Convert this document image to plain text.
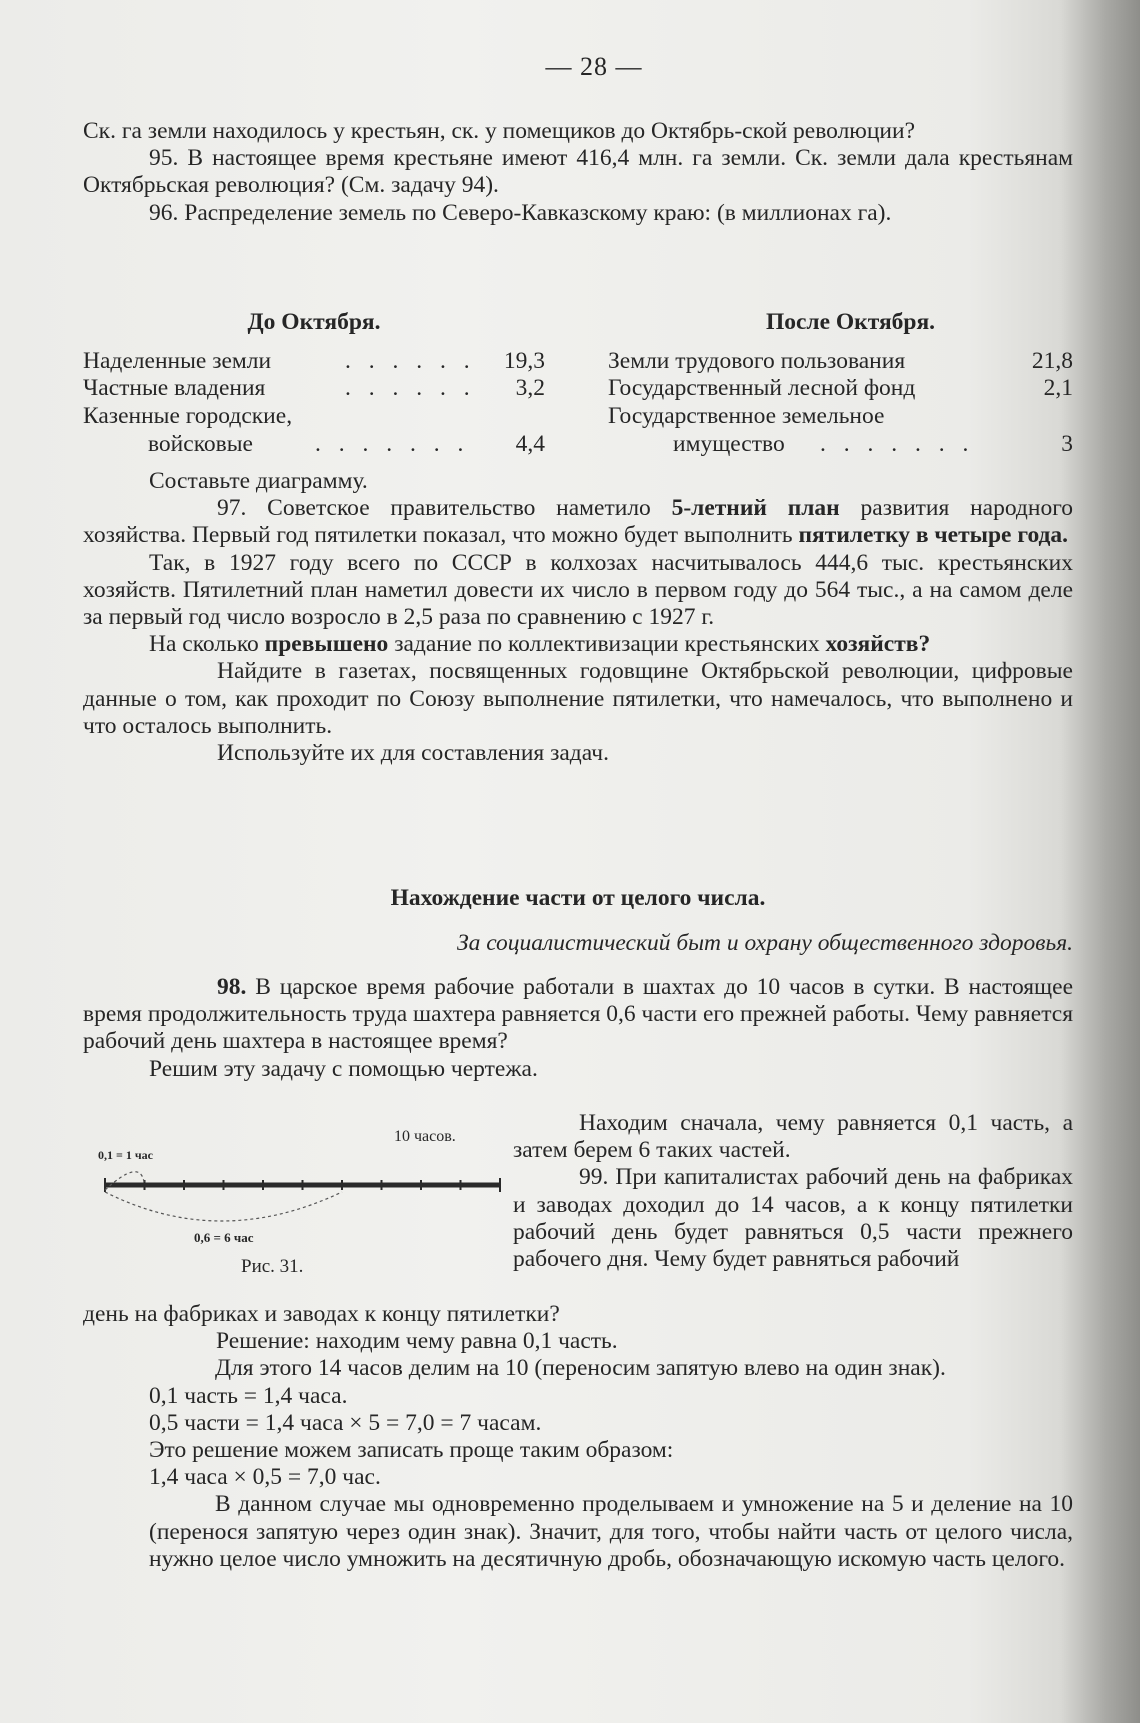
— 28 —

Ск. га земли находилось у крестьян, ск. у помещиков до Октябрь-ской революции?

95. В настоящее время крестьяне имеют 416,4 млн. га земли. Ск. земли дала крестьянам Октябрьская революция? (См. задачу 94).

96. Распределение земель по Северо-Кавказскому краю: (в миллионах га).

До Октября.
Наделенные земли	. . . . . . 19,3
Частные владения	. . . . . . 3,2
Казенные городские,
войсковые	. . . . . . . 4,4
После Октября.
Земли трудового пользования	21,8
Государственный лесной фонд	2,1
Государственное земельное
имущество . . . . . . .	3

Составьте диаграмму.

97. Советское правительство наметило 5-летний план развития народного хозяйства. Первый год пятилетки показал, что можно будет выполнить пятилетку в четыре года.

Так, в 1927 году всего по СССР в колхозах насчитывалось 444,6 тыс. крестьянских хозяйств. Пятилетний план наметил довести их число в первом году до 564 тыс., а на самом деле за первый год число возросло в 2,5 раза по сравнению с 1927 г.

На сколько превышено задание по коллективизации крестьянских хозяйств?

Найдите в газетах, посвященных годовщине Октябрьской революции, цифровые данные о том, как проходит по Союзу выполнение пятилетки, что намечалось, что выполнено и что осталось выполнить.

Используйте их для составления задач.

Нахождение части от целого числа.
За социалистический быт и охрану общественного здоровья.

98. В царское время рабочие работали в шахтах до 10 часов в сутки. В настоящее время продолжительность труда шахтера равняется 0,6 части его прежней работы. Чему равняется рабочий день шахтера в настоящее время?

Решим эту задачу с помощью чертежа.

10 часов.
0,1 = 1 час
0,6 = 6 час
Рис. 31.

Находим сначала, чему равняется 0,1 часть, а затем берем 6 таких частей.

99. При капиталистах рабочий день на фабриках и заводах доходил до 14 часов, а к концу пятилетки рабочий день будет равняться 0,5 части прежнего рабочего дня. Чему будет равняться рабочий

день на фабриках и заводах к концу пятилетки?

Решение: находим чему равна 0,1 часть.

Для этого 14 часов делим на 10 (переносим запятую влево на один знак).

0,1 часть = 1,4 часа.

0,5 части = 1,4 часа × 5 = 7,0 = 7 часам.

Это решение можем записать проще таким образом:

1,4 часа × 0,5 = 7,0 час.

В данном случае мы одновременно проделываем и умножение на 5 и деление на 10 (перенося запятую через один знак). Значит, для того, чтобы найти часть от целого числа, нужно целое число умножить на десятичную дробь, обозначающую искомую часть целого.
